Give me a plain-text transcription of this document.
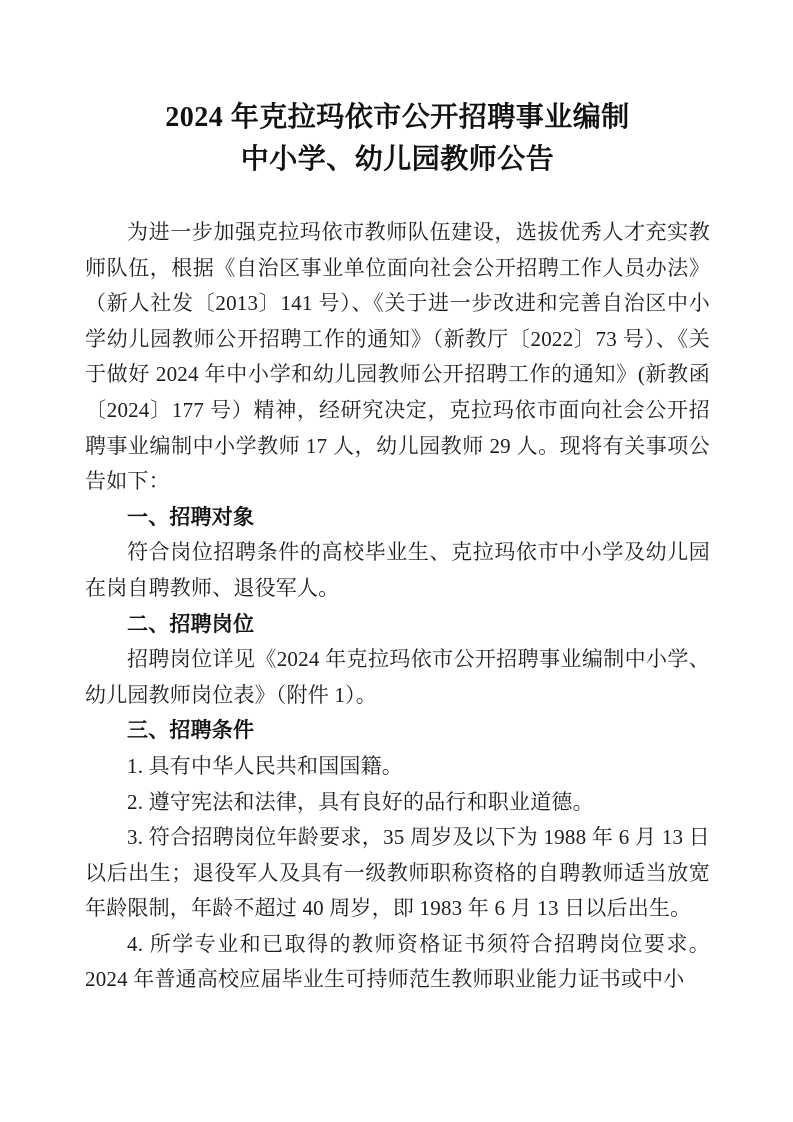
2024 年克拉玛依市公开招聘事业编制
中小学、幼儿园教师公告

为进一步加强克拉玛依市教师队伍建设，选拔优秀人才充实教师队伍，根据《自治区事业单位面向社会公开招聘工作人员办法》（新人社发〔2013〕141 号）、《关于进一步改进和完善自治区中小学幼儿园教师公开招聘工作的通知》（新教厅〔2022〕73 号）、《关于做好 2024 年中小学和幼儿园教师公开招聘工作的通知》(新教函〔2024〕177 号）精神，经研究决定，克拉玛依市面向社会公开招聘事业编制中小学教师 17 人，幼儿园教师 29 人。现将有关事项公告如下：

一、招聘对象

符合岗位招聘条件的高校毕业生、克拉玛依市中小学及幼儿园在岗自聘教师、退役军人。

二、招聘岗位

招聘岗位详见《2024 年克拉玛依市公开招聘事业编制中小学、幼儿园教师岗位表》（附件 1）。

三、招聘条件

1. 具有中华人民共和国国籍。

2. 遵守宪法和法律，具有良好的品行和职业道德。

3. 符合招聘岗位年龄要求，35 周岁及以下为 1988 年 6 月 13 日以后出生；退役军人及具有一级教师职称资格的自聘教师适当放宽年龄限制，年龄不超过 40 周岁，即 1983 年 6 月 13 日以后出生。

4. 所学专业和已取得的教师资格证书须符合招聘岗位要求。2024 年普通高校应届毕业生可持师范生教师职业能力证书或中小
